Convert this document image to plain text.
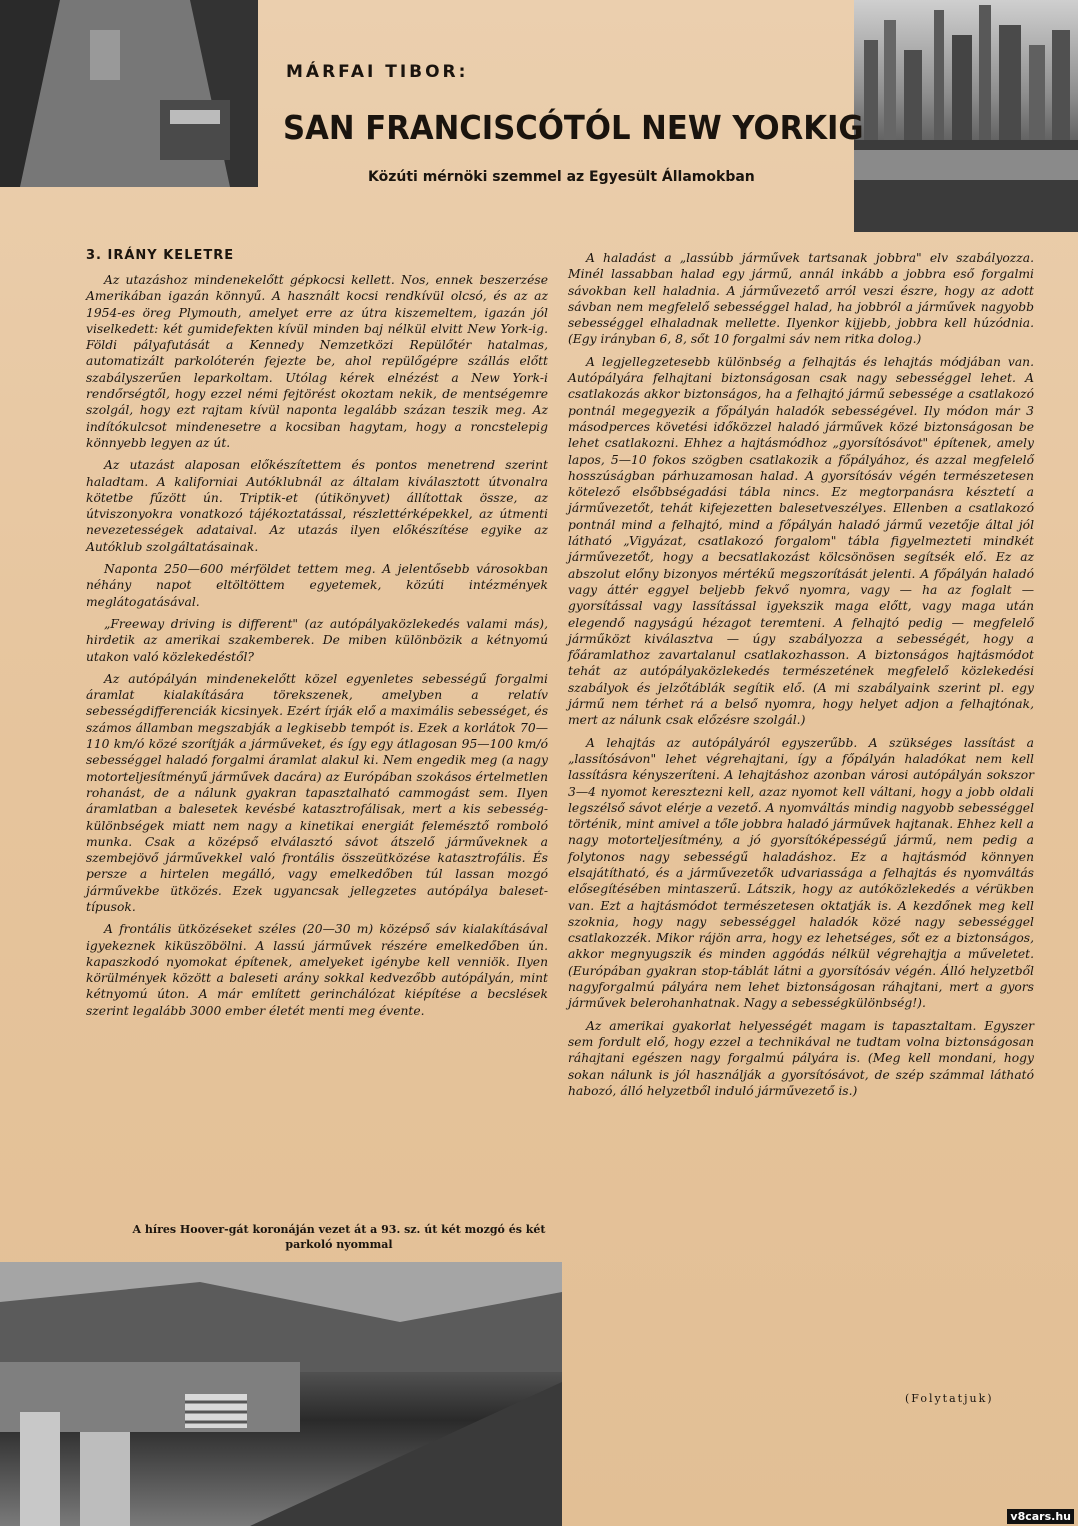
MÁRFAI TIBOR:
SAN FRANCISCÓTÓL NEW YORKIG
Közúti mérnöki szemmel az Egyesült Államokban
3. IRÁNY KELETRE

Az utazáshoz mindenekelőtt gépkocsi kellett. Nos, ennek beszerzése Amerikában igazán könnyű. A használt kocsi rendkívül olcsó, és az az 1954-es öreg Plymouth, amelyet erre az útra kiszemeltem, igazán jól viselkedett: két gumidefekten kívül minden baj nélkül elvitt New York-ig. Földi pályafutását a Kennedy Nemzetközi Repülőtér hatalmas, automatizált parkolóterén fejezte be, ahol repülőgépre szállás előtt szabályszerűen leparkoltam. Utólag kérek elnézést a New York-i rendőrségtől, hogy ezzel némi fejtörést okoztam nekik, de mentségemre szolgál, hogy ezt rajtam kívül naponta legalább százan teszik meg. Az indítókulcsot mindenesetre a kocsiban hagytam, hogy a roncstelepig könnyebb legyen az út.

Az utazást alaposan előkészítettem és pontos menetrend szerint haladtam. A kaliforniai Autóklubnál az általam kiválasztott útvonalra kötetbe fűzött ún. Triptik-et (útikönyvet) állítottak össze, az útviszonyokra vonatkozó tájékoztatással, részlettérképekkel, az útmenti nevezetességek adataival. Az utazás ilyen előkészítése egyike az Autóklub szolgáltatásainak.

Naponta 250—600 mérföldet tettem meg. A jelentősebb városokban néhány napot eltöltöttem egyetemek, közúti intézmények meglátogatásával.

„Freeway driving is different" (az autópályaközlekedés valami más), hirdetik az amerikai szakemberek. De miben különbözik a kétnyomú utakon való közlekedéstől?

Az autópályán mindenekelőtt közel egyenletes sebességű forgalmi áramlat kialakítására törekszenek, amelyben a relatív sebességdifferenciák kicsinyek. Ezért írják elő a maximális sebességet, és számos államban megszabják a legkisebb tempót is. Ezek a korlátok 70—110 km/ó közé szorítják a járműveket, és így egy átlagosan 95—100 km/ó sebességgel haladó forgalmi áramlat alakul ki. Nem engedik meg (a nagy motorteljesítményű járművek dacára) az Európában szokásos értelmetlen rohanást, de a nálunk gyakran tapasztalható cammogást sem. Ilyen áramlatban a balesetek kevésbé katasztrofálisak, mert a kis sebesség-különbségek miatt nem nagy a kinetikai energiát felemésztő romboló munka. Csak a középső elválasztó sávot átszelő járműveknek a szembejövő járművekkel való frontális összeütközése katasztrofális. És persze a hirtelen megálló, vagy emelkedőben túl lassan mozgó járművekbe ütközés. Ezek ugyancsak jellegzetes autópálya baleset-típusok.

A frontális ütközéseket széles (20—30 m) középső sáv kialakításával igyekeznek kiküszöbölni. A lassú járművek részére emelkedőben ún. kapaszkodó nyomokat építenek, amelyeket igénybe kell venniök. Ilyen körülmények között a baleseti arány sokkal kedvezőbb autópályán, mint kétnyomú úton. A már említett gerinchálózat kiépítése a becslések szerint legalább 3000 ember életét menti meg évente.

A híres Hoover-gát koronáján vezet át a 93. sz. út két mozgó és két parkoló nyommal

A haladást a „lassúbb járművek tartsanak jobbra" elv szabályozza. Minél lassabban halad egy jármű, annál inkább a jobbra eső forgalmi sávokban kell haladnia. A járművezető arról veszi észre, hogy az adott sávban nem megfelelő sebességgel halad, ha jobbról a járművek nagyobb sebességgel elhaladnak mellette. Ilyenkor kijjebb, jobbra kell húzódnia. (Egy irányban 6, 8, sőt 10 forgalmi sáv nem ritka dolog.)

A legjellegzetesebb különbség a felhajtás és lehajtás módjában van. Autópályára felhajtani biztonságosan csak nagy sebességgel lehet. A csatlakozás akkor biztonságos, ha a felhajtó jármű sebessége a csatlakozó pontnál megegyezik a főpályán haladók sebességével. Ily módon már 3 másodperces követési időközzel haladó járművek közé biztonságosan be lehet csatlakozni. Ehhez a hajtásmódhoz „gyorsítósávot" építenek, amely lapos, 5—10 fokos szögben csatlakozik a főpályához, és azzal megfelelő hosszúságban párhuzamosan halad. A gyorsítósáv végén természetesen kötelező elsőbbségadási tábla nincs. Ez megtorpanásra késztetí a járművezetőt, tehát kifejezetten balesetveszélyes. Ellenben a csatlakozó pontnál mind a felhajtó, mind a főpályán haladó jármű vezetője által jól látható „Vigyázat, csatlakozó forgalom" tábla figyelmezteti mindkét járművezetőt, hogy a becsatlakozást kölcsönösen segítsék elő. Ez az abszolut előny bizonyos mértékű megszorítását jelenti. A főpályán haladó vagy áttér eggyel beljebb fekvő nyomra, vagy — ha az foglalt — gyorsítással vagy lassítással igyekszik maga előtt, vagy maga után elegendő nagyságú hézagot teremteni. A felhajtó pedig — megfelelő járműközt kiválasztva — úgy szabályozza a sebességét, hogy a főáramlathoz zavartalanul csatlakozhasson. A biztonságos hajtásmódot tehát az autópályaközlekedés természetének megfelelő közlekedési szabályok és jelzőtáblák segítik elő. (A mi szabályaink szerint pl. egy jármű nem térhet rá a belső nyomra, hogy helyet adjon a felhajtónak, mert az nálunk csak előzésre szolgál.)

A lehajtás az autópályáról egyszerűbb. A szükséges lassítást a „lassítósávon" lehet végrehajtani, így a főpályán haladókat nem kell lassításra kényszeríteni. A lehajtáshoz azonban városi autópályán sokszor 3—4 nyomot keresztezni kell, azaz nyomot kell váltani, hogy a jobb oldali legszélső sávot elérje a vezető. A nyomváltás mindig nagyobb sebességgel történik, mint amivel a tőle jobbra haladó járművek hajtanak. Ehhez kell a nagy motorteljesítmény, a jó gyorsítóképességű jármű, nem pedig a folytonos nagy sebességű haladáshoz. Ez a hajtásmód könnyen elsajátítható, és a járművezetők udvariassága a felhajtás és nyomváltás elősegítésében mintaszerű. Látszik, hogy az autóközlekedés a vérükben van. Ezt a hajtásmódot természetesen oktatják is. A kezdőnek meg kell szoknia, hogy nagy sebességgel haladók közé nagy sebességgel csatlakozzék. Mikor rájön arra, hogy ez lehetséges, sőt ez a biztonságos, akkor megnyugszik és minden aggódás nélkül végrehajtja a műveletet. (Európában gyakran stop-táblát látni a gyorsítósáv végén. Álló helyzetből nagyforgalmú pályára nem lehet biztonságosan ráhajtani, mert a gyors járművek belerohanhatnak. Nagy a sebességkülönbség!).

Az amerikai gyakorlat helyességét magam is tapasztaltam. Egyszer sem fordult elő, hogy ezzel a technikával ne tudtam volna biztonságosan ráhajtani egészen nagy forgalmú pályára is. (Meg kell mondani, hogy sokan nálunk is jól használják a gyorsítósávot, de szép számmal látható habozó, álló helyzetből induló járművezető is.)

(Folytatjuk)
v8cars.hu
